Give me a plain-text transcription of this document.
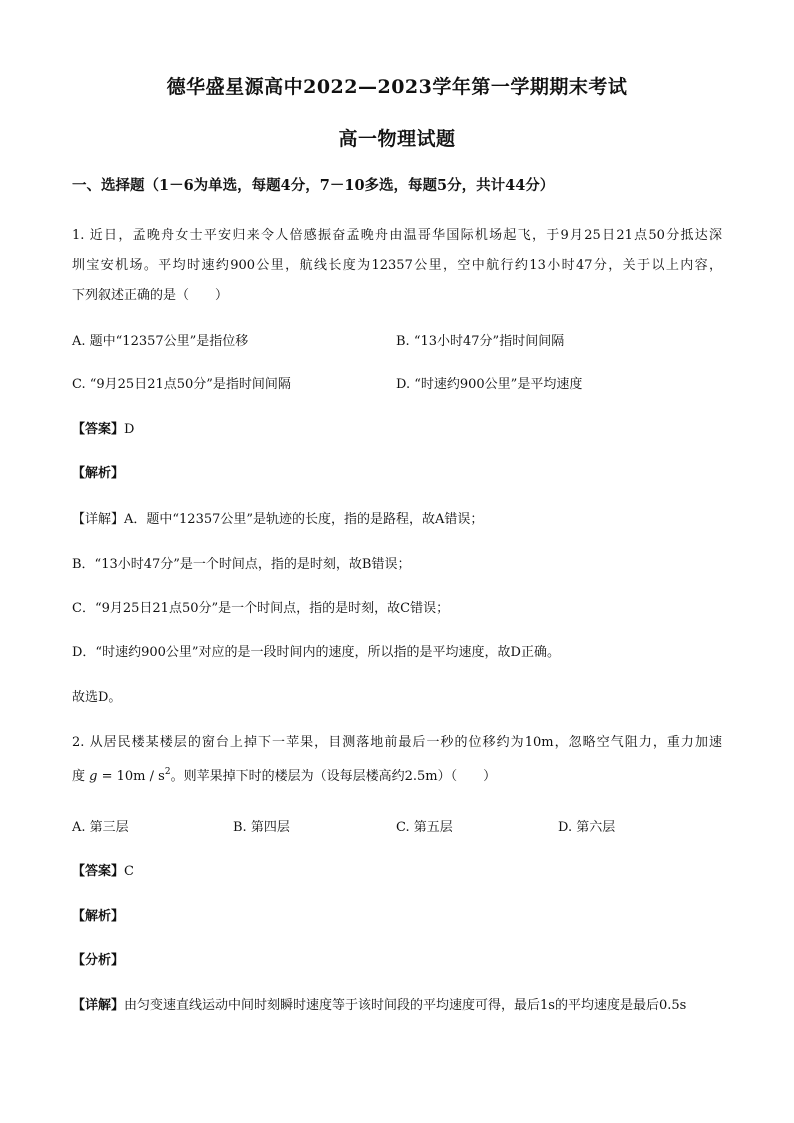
德华盛星源高中2022—2023学年第一学期期末考试
高一物理试题
一、选择题（1－6为单选，每题4分，7－10多选，每题5分，共计44分）
1. 近日，孟晚舟女士平安归来令人倍感振奋孟晚舟由温哥华国际机场起飞，于9月25日21点50分抵达深
圳宝安机场。平均时速约900公里，航线长度为12357公里，空中航行约13小时47分，关于以上内容，
下列叙述正确的是（　　）
A. 题中“12357公里”是指位移	B. “13小时47分”指时间间隔
C. “9月25日21点50分”是指时间间隔	D. “时速约900公里”是平均速度
【答案】D
【解析】
【详解】A．题中“12357公里”是轨迹的长度，指的是路程，故A错误；
B．“13小时47分”是一个时间点，指的是时刻，故B错误；
C．“9月25日21点50分”是一个时间点，指的是时刻，故C错误；
D．“时速约900公里”对应的是一段时间内的速度，所以指的是平均速度，故D正确。
故选D。
2. 从居民楼某楼层的窗台上掉下一苹果，目测落地前最后一秒的位移约为10m，忽略空气阻力，重力加速
度 $g = 10m / s^2$。则苹果掉下时的楼层为（设每层楼高约2.5m）（　　）
A. 第三层	B. 第四层	C. 第五层	D. 第六层
【答案】C
【解析】
【分析】
【详解】由匀变速直线运动中间时刻瞬时速度等于该时间段的平均速度可得，最后1s的平均速度是最后0.5s
